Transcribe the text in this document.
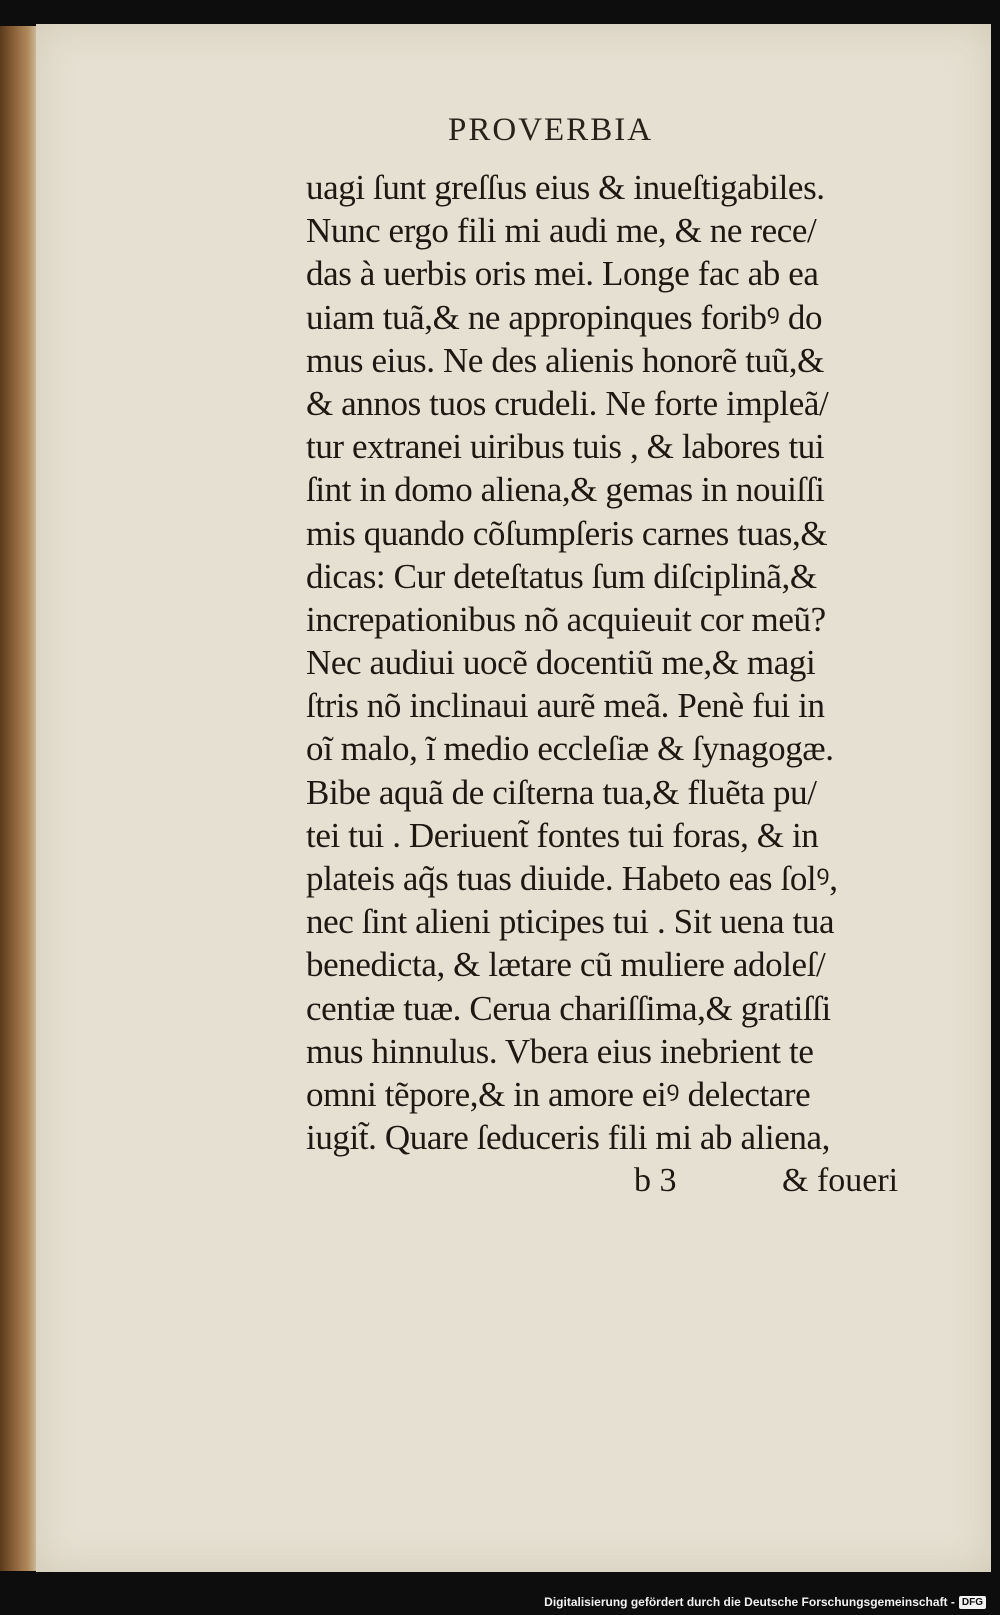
PROVERBIA
uagi ſunt greſſus eius & inueſtigabiles.
Nunc ergo fili mi audi me, & ne rece/
das à uerbis oris mei. Longe fac ab ea
uiam tuã,& ne appropinques foribꝰ do
mus eius. Ne des alienis honorẽ tuũ,&
& annos tuos crudeli. Ne forte impleã/
tur extranei uiribus tuis , & labores tui
ſint in domo aliena,& gemas in nouiſſi
mis quando cõſumpſeris carnes tuas,&
dicas: Cur deteſtatus ſum diſciplinã,&
increpationibus nõ acquieuit cor meũ?
Nec audiui uocẽ docentiũ me,& magi
ſtris nõ inclinaui aurẽ meã. Penè fui in
oĩ malo, ĩ medio eccleſiæ & ſynagogæ.
Bibe aquã de ciſterna tua,& fluẽta pu/
tei tui . Deriuent̃ fontes tui foras, & in
plateis aq̃s tuas diuide. Habeto eas ſolꝰ,
nec ſint alieni pticipes tui . Sit uena tua
benedicta, & lætare cũ muliere adoleſ/
centiæ tuæ. Cerua chariſſima,& gratiſſi
mus hinnulus. Vbera eius inebrient te
omni tẽpore,& in amore eiꝰ delectare
iugit̃. Quare ſeduceris fili mi ab aliena,
b 3	& foueri
Digitalisierung gefördert durch die Deutsche Forschungsgemeinschaft - DFG
